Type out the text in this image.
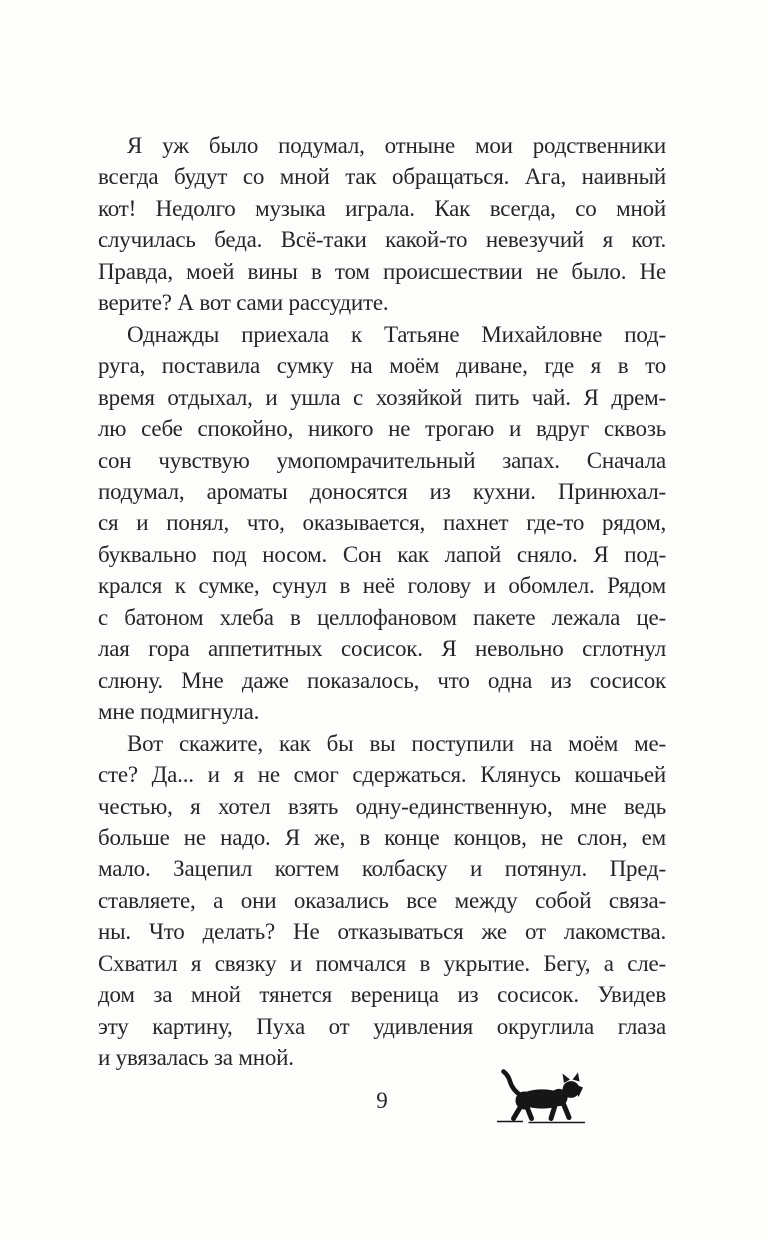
Я уж было подумал, отныне мои родственники
всегда будут со мной так обращаться. Ага, наивный
кот! Недолго музыка играла. Как всегда, со мной
случилась беда. Всё-таки какой-то невезучий я кот.
Правда, моей вины в том происшествии не было. Не
верите? А вот сами рассудите.
Однажды приехала к Татьяне Михайловне под-
руга, поставила сумку на моём диване, где я в то
время отдыхал, и ушла с хозяйкой пить чай. Я дрем-
лю себе спокойно, никого не трогаю и вдруг сквозь
сон чувствую умопомрачительный запах. Сначала
подумал, ароматы доносятся из кухни. Принюхал-
ся и понял, что, оказывается, пахнет где-то рядом,
буквально под носом. Сон как лапой сняло. Я под-
крался к сумке, сунул в неё голову и обомлел. Рядом
с батоном хлеба в целлофановом пакете лежала це-
лая гора аппетитных сосисок. Я невольно сглотнул
слюну. Мне даже показалось, что одна из сосисок
мне подмигнула.
Вот скажите, как бы вы поступили на моём ме-
сте? Да... и я не смог сдержаться. Клянусь кошачьей
честью, я хотел взять одну-единственную, мне ведь
больше не надо. Я же, в конце концов, не слон, ем
мало. Зацепил когтем колбаску и потянул. Пред-
ставляете, а они оказались все между собой связа-
ны. Что делать? Не отказываться же от лакомства.
Схватил я связку и помчался в укрытие. Бегу, а сле-
дом за мной тянется вереница из сосисок. Увидев
эту картину, Пуха от удивления округлила глаза
и увязалась за мной.
9
